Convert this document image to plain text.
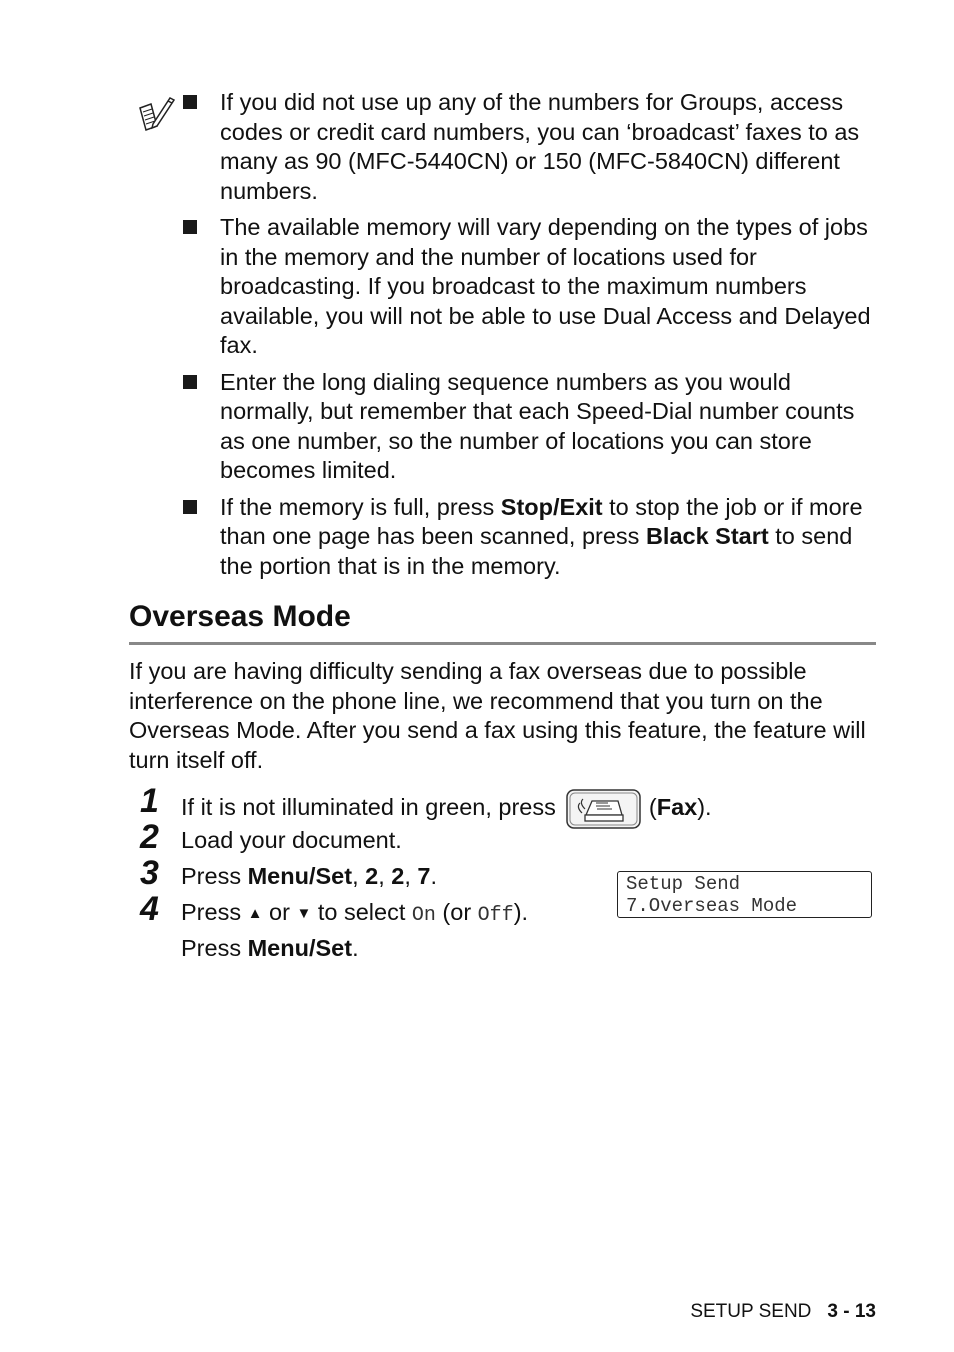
If you did not use up any of the numbers for Groups, access codes or credit card numbers, you can ‘broadcast’ faxes to as many as 90 (MFC-5440CN) or 150 (MFC-5840CN) different numbers.
The available memory will vary depending on the types of jobs in the memory and the number of locations used for broadcasting. If you broadcast to the maximum numbers available, you will not be able to use Dual Access and Delayed fax.
Enter the long dialing sequence numbers as you would normally, but remember that each Speed-Dial number counts as one number, so the number of locations you can store becomes limited.
If the memory is full, press Stop/Exit to stop the job or if more than one page has been scanned, press Black Start to send the portion that is in the memory.
Overseas Mode

If you are having difficulty sending a fax overseas due to possible interference on the phone line, we recommend that you turn on the Overseas Mode. After you send a fax using this feature, the feature will turn itself off.

1 If it is not illuminated in green, press	(Fax).
2 Load your document.
3 Press Menu/Set, 2, 2, 7.
4 Press ▲ or ▼ to select On (or Off).
Press Menu/Set.
Setup Send
7.Overseas Mode
SETUP SEND 3 - 13
